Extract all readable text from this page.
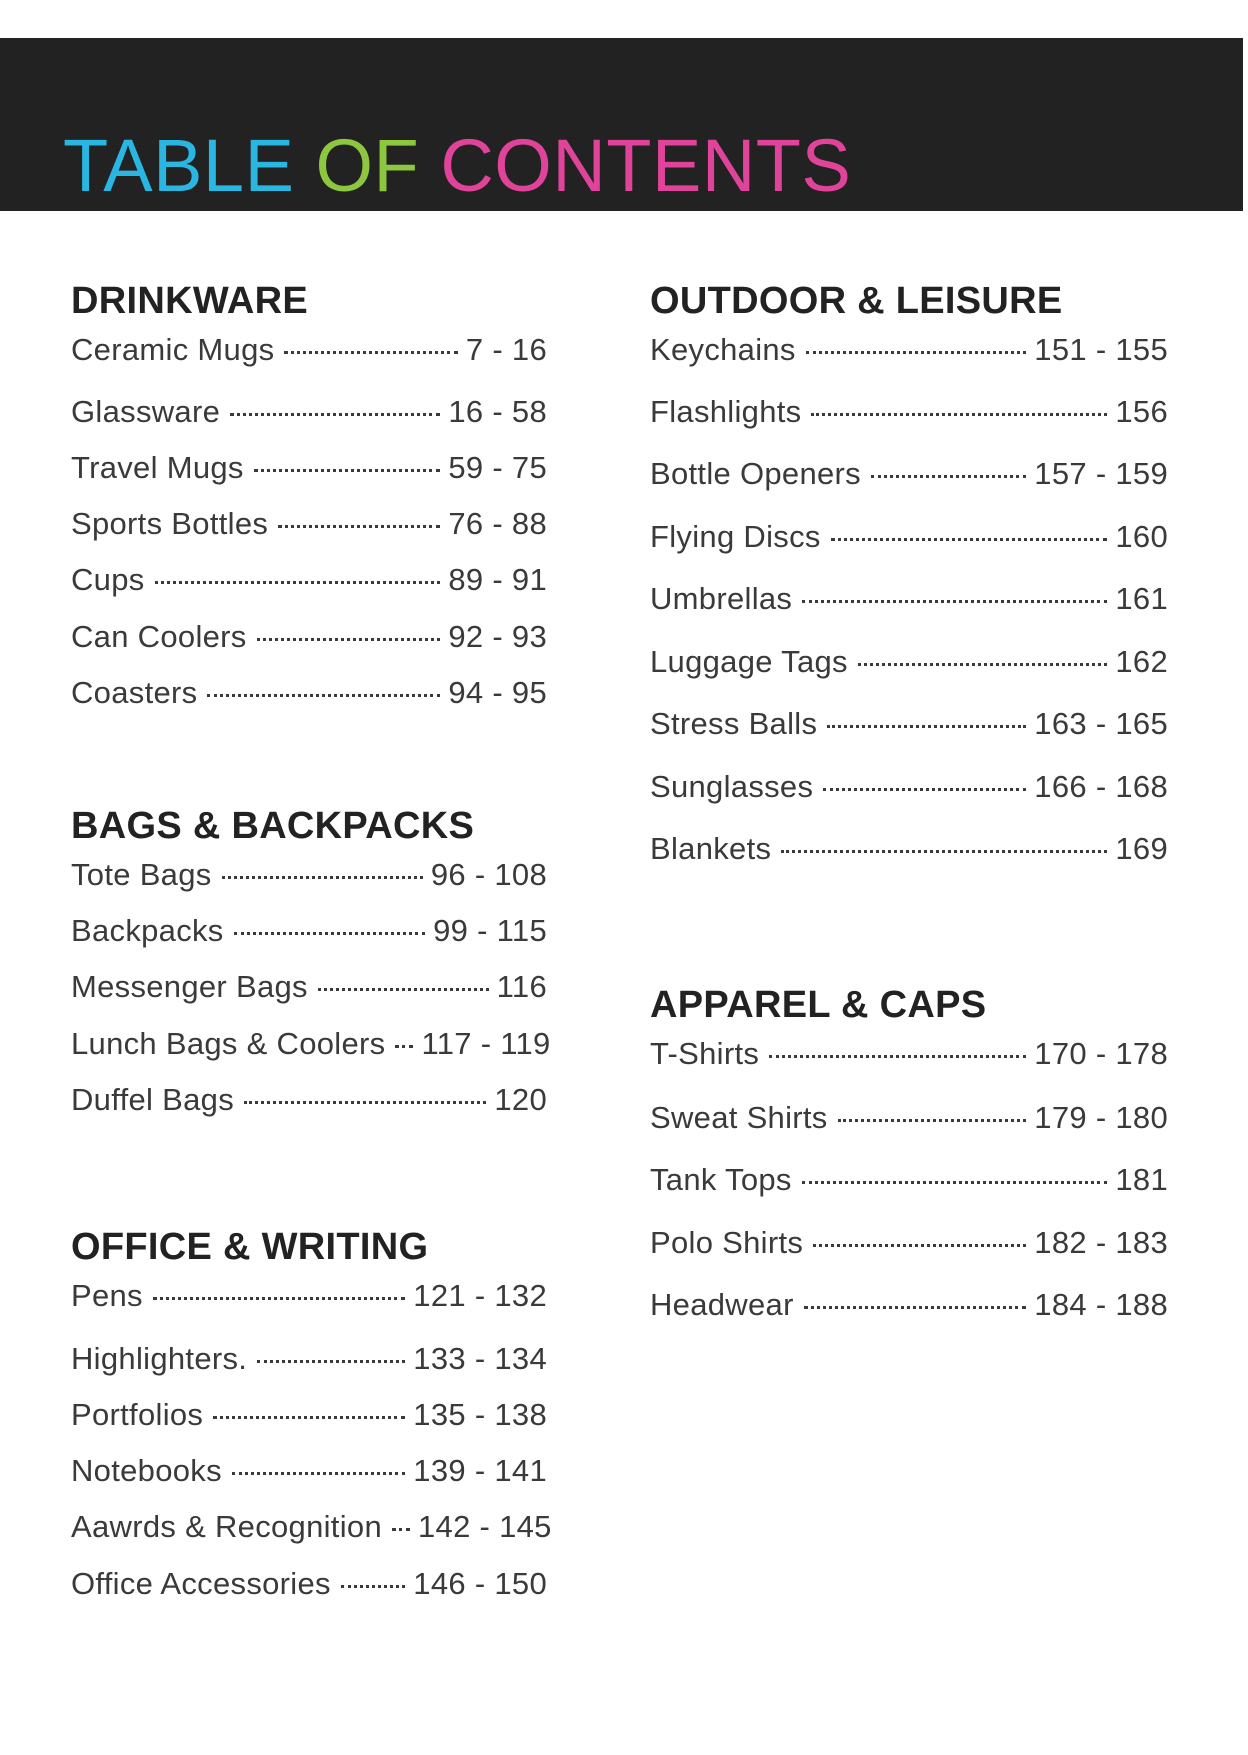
TABLE OF CONTENTS
DRINKWARE
Ceramic Mugs	7 - 16
Glassware	16 - 58
Travel Mugs	59 - 75
Sports Bottles	76 - 88
Cups	89 - 91
Can Coolers	92 - 93
Coasters	94 - 95
BAGS & BACKPACKS
Tote Bags	96 - 108
Backpacks	99 - 115
Messenger Bags	116
Lunch Bags & Coolers 117 - 119
Duffel Bags	120
OFFICE & WRITING
Pens	121 - 132
Highlighters.	133 - 134
Portfolios	135 - 138
Notebooks	139 - 141
Aawrds & Recognition 142 - 145
Office Accessories	146 - 150
OUTDOOR & LEISURE
Keychains	151 - 155
Flashlights	156
Bottle Openers	157 - 159
Flying Discs	160
Umbrellas	161
Luggage Tags	162
Stress Balls	163 - 165
Sunglasses	166 - 168
Blankets	169
APPAREL & CAPS
T-Shirts	170 - 178
Sweat Shirts	179 - 180
Tank Tops	181
Polo Shirts	182 - 183
Headwear	184 - 188
